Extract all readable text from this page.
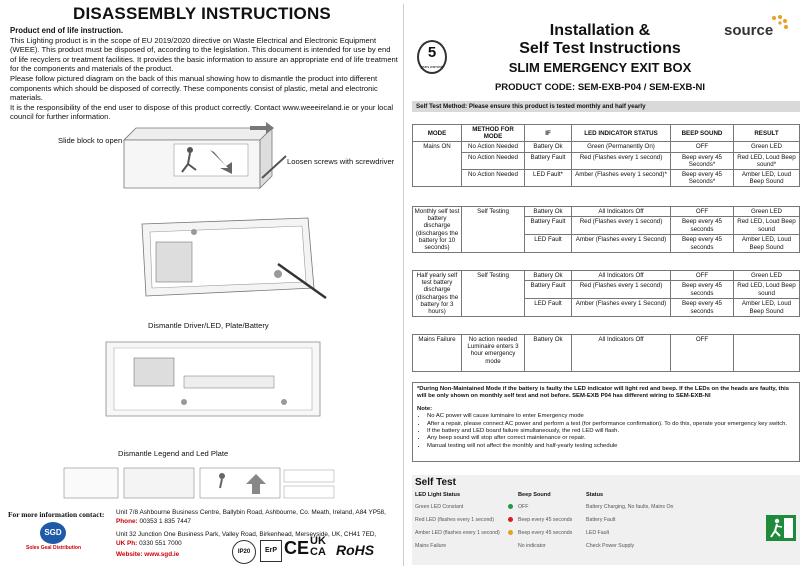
DISASSEMBLY INSTRUCTIONS
Product end of life instruction.

This Lighting product is in the scope of EU 2019/2020 directive on Waste Electrical and Electronic Equipment (WEEE). This product must be disposed of, according to the legislation. This document is intended for use by end of life recyclers or treatment facilities. It provides the basic information to assure an appropriate end of life treatment for the components and materials of the product.

Please follow pictured diagram on the back of this manual showing how to dismantle the product into different components which should be disposed of correctly. These components consist of plastic, metal and electronic materials.

It is the responsibility of the end user to dispose of this product correctly. Contact www.weeeireland.ie or your local council for further information.

Slide block to open
Loosen screws with screwdriver
Dismantle Driver/LED, Plate/Battery
Dismantle Legend and Led Plate
For more information contact:
SGD
Soles Geal Distribution
Unit 7/8 Ashbourne Business Centre, Ballybin Road, Ashbourne, Co. Meath, Ireland, A84 YP58,
Phone: 00353 1 835 7447
Unit 32 Junction One Business Park, Valley Road, Birkenhead, Merseyside, UK, CH41 7ED,
UK Ph: 0330 551 7000
Website: www.sgd.ie	IP20	ErP CE UK CA RoHS
5
years warranty
Installation &
Self Test Instructions
SLIM EMERGENCY EXIT BOX
PRODUCT CODE: SEM-EXB-P04 / SEM-EXB-NI
source
Self Test Method: Please ensure this product is tested monthly and half yearly
MODE	METHOD FOR MODE	IF	LED INDICATOR STATUS	BEEP SOUND	RESULT
Mains ON	No Action Needed	Battery Ok	Green (Permanently On)	OFF	Green LED
	No Action Needed	Battery Fault	Red (Flashes every 1 second)	Beep every 45 Seconds*	Red LED, Loud Beep sound*
	No Action Needed	LED Fault*	Amber (Flashes every 1 second)*	Beep every 45 Seconds*	Amber LED, Loud Beep Sound
Monthly self test battery discharge (discharges the battery for 10 seconds)	Self Testing	Battery Ok	All Indicators Off	OFF	Green LED
		Battery Fault	Red (Flashes every 1 second)	Beep every 45 seconds	Red LED, Loud Beep sound
		LED Fault	Amber (Flashes every 1 Second)	Beep every 45 seconds	Amber LED, Loud Beep Sound
Half yearly self test battery discharge (discharges the battery for 3 hours)	Self Testing	Battery Ok	All Indicators Off	OFF	Green LED
		Battery Fault	Red (Flashes every 1 second)	Beep every 45 seconds	Red LED, Loud Beep sound
		LED Fault	Amber (Flashes every 1 Second)	Beep every 45 seconds	Amber LED, Loud Beep Sound
Mains Failure	No action needed Luminaire enters 3 hour emergency mode	Battery Ok	All Indicators Off	OFF	
*During Non-Maintained Mode if the battery is faulty the LED indicator will light red and beep. If the LEDs on the heads are faulty, this will be only shown on monthly self test and not before. SEM-EXB P04 has different wiring to SEM-EXB-NI
Note:
• No AC power will cause luminaire to enter Emergency mode
• After a repair, please connect AC power and perform a test (for performance confirmation). To do this, operate your emergency key switch.
• If the battery and LED board failure simultaneously, the red LED will flash.
• Any beep sound will stop after correct maintenance or repair.
• Manual testing will not affect the monthly and half-yearly testing schedule
Self Test
LED Light Status	Beep Sound	Status
Green LED Constant	OFF	Battery Charging, No faults, Mains On
Red LED (flashes every 1 second)	Beep every 45 seconds	Battery Fault
Amber LED (flashes every 1 second)	Beep every 45 seconds	LED Fault
Mains Failure	No indicator	Check Power Supply
